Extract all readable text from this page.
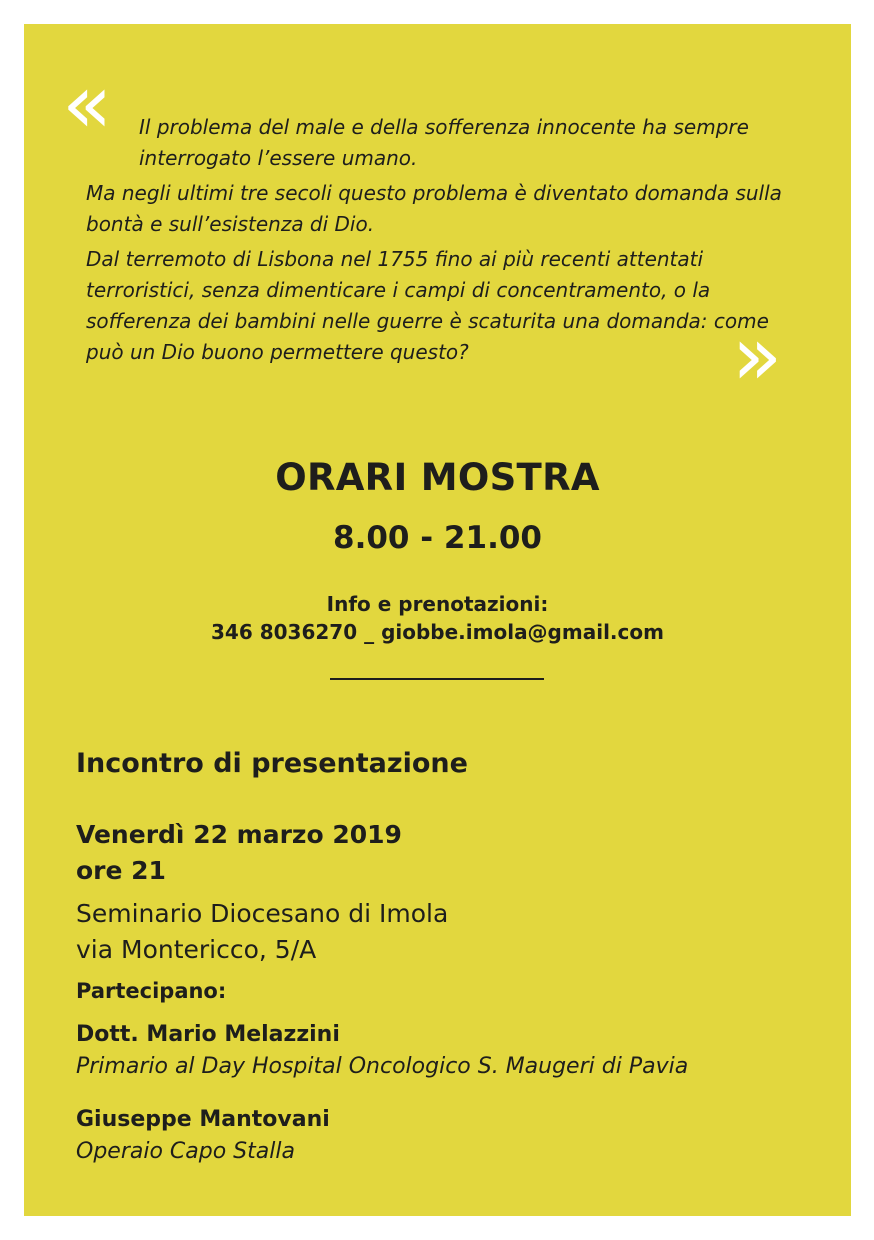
«	Il problema del male e della sofferenza innocente ha sempre interrogato l’essere umano.

Ma negli ultimi tre secoli questo problema è diventato domanda sulla bontà e sull’esistenza di Dio.

Dal terremoto di Lisbona nel 1755 fino ai più recenti attentati terroristici, senza dimenticare i campi di concentramento, o la sofferenza dei bambini nelle guerre è scaturita una domanda: come può un Dio buono permettere questo?	»
ORARI MOSTRA
8.00 - 21.00
Info e prenotazioni:
346 8036270 _ giobbe.imola@gmail.com
Incontro di presentazione
Venerdì 22 marzo 2019
ore 21
Seminario Diocesano di Imola
via Montericco, 5/A
Partecipano:
Dott. Mario Melazzini
Primario al Day Hospital Oncologico S. Maugeri di Pavia
Giuseppe Mantovani
Operaio Capo Stalla
